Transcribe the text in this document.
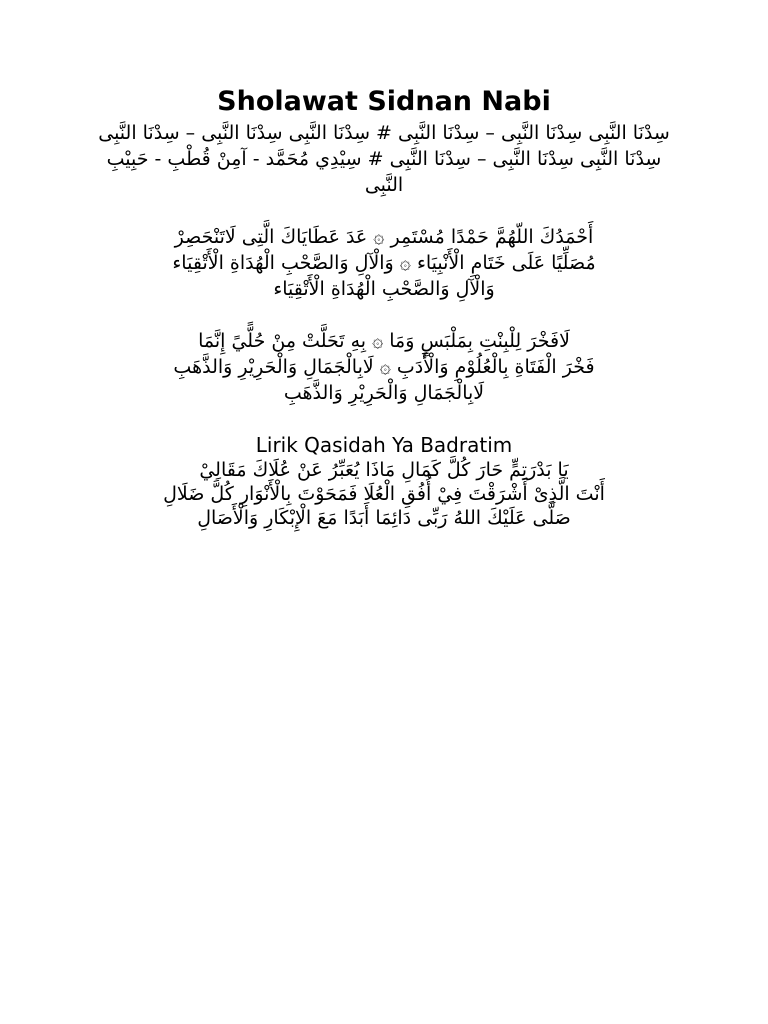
Sholawat Sidnan Nabi

سِدْنَا النَّبِى سِدْنَا النَّبِى – سِدْنَا النَّبِى # سِدْنَا النَّبِى سِدْنَا النَّبِى – سِدْنَا النَّبِى

سِدْنَا النَّبِى سِدْنَا النَّبِى – سِدْنَا النَّبِى # سِيْدِي مُحَمَّد - آمِنْ قُطْبِ - حَبِيْبِ النَّبِى

أَحْمَدُكَ اللّهُمَّ حَمْدًا مُسْتَمِر ۞ عَدَ عَطَايَاكَ الَّتِى لَاتَنْحَصِرْ

مُصَلِّيًا عَلَى خَتَامِ الْأَنْبِيَاء ۞ وَالْآلِ وَالصَّحْبِ الْهُدَاةِ الْأَتْقِيَاء

وَالْآلِ وَالصَّحْبِ الْهُدَاةِ الْأَتْقِيَاء

لَافَخْرَ لِلْبِنْتِ بِمَلْبَسٍ وَمَا ۞ بِهِ تَحَلَّتْ مِنْ حُلًّيً إِنَّمَا

فَخْرَ الْفَتَاةِ بِالْعُلُوْمِ وَالْأَدَبِ ۞ لَابِالْجَمَالِ وَالْحَرِيْرِ وَالذَّهَبِ

لَابِالْجَمَالِ وَالْحَرِيْرِ وَالذَّهَبِ

Lirik Qasidah Ya Badratim

يَا بَدْرَتِمٍّ حَارَ كُلَّ كَمَالِ مَاذَا يُعَبِّرُ عَنْ عُلَاكَ مَقَالِيْ

أَنْتَ الَّذِىْ أَشْرَقْتَ فِيْ أُفُقِ الْعُلَا فَمَحَوْتَ بِالْأَنْوَارِ كُلَّ ضَلَالِ

صَلَّى عَلَيْكَ اللهُ رَبِّى دَائِمَا أَبَدًا مَعَ الْإِبْكَارِ وَالْأَصَالِ
